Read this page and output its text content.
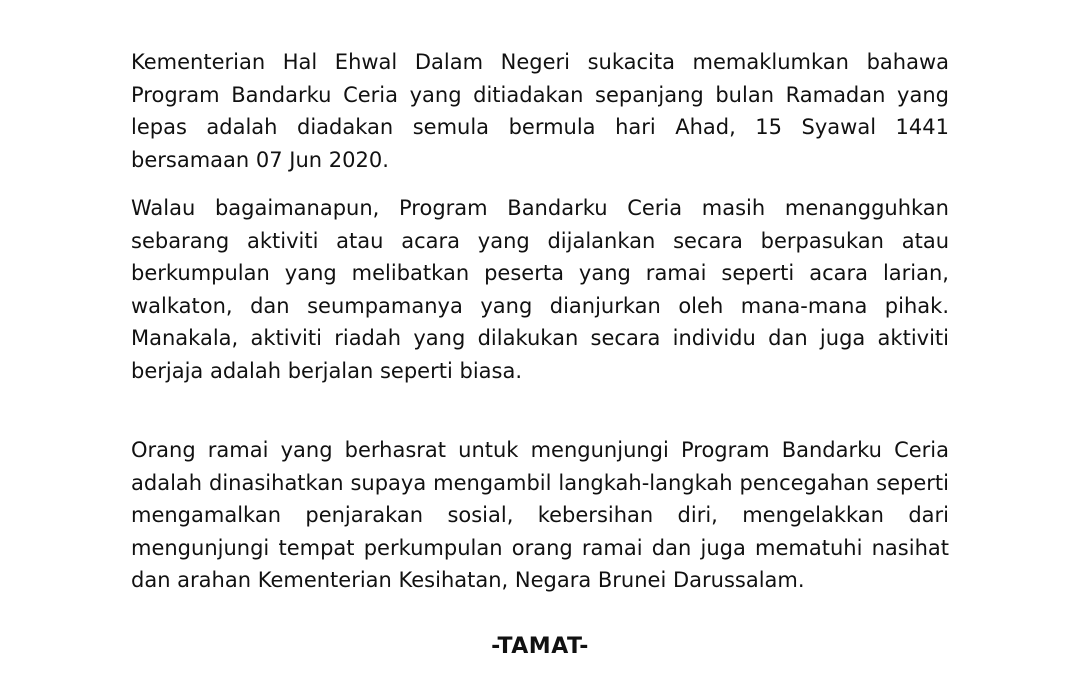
Kementerian Hal Ehwal Dalam Negeri sukacita memaklumkan bahawa Program Bandarku Ceria yang ditiadakan sepanjang bulan Ramadan yang lepas adalah diadakan semula bermula hari Ahad, 15 Syawal 1441 bersamaan 07 Jun 2020.

Walau bagaimanapun, Program Bandarku Ceria masih menangguhkan sebarang aktiviti atau acara yang dijalankan secara berpasukan atau berkumpulan yang melibatkan peserta yang ramai seperti acara larian, walkaton, dan seumpamanya yang dianjurkan oleh mana-mana pihak. Manakala, aktiviti riadah yang dilakukan secara individu dan juga aktiviti berjaja adalah berjalan seperti biasa.

Orang ramai yang berhasrat untuk mengunjungi Program Bandarku Ceria adalah dinasihatkan supaya mengambil langkah-langkah pencegahan seperti mengamalkan penjarakan sosial, kebersihan diri, mengelakkan dari mengunjungi tempat perkumpulan orang ramai dan juga mematuhi nasihat dan arahan Kementerian Kesihatan, Negara Brunei Darussalam.

-TAMAT-
